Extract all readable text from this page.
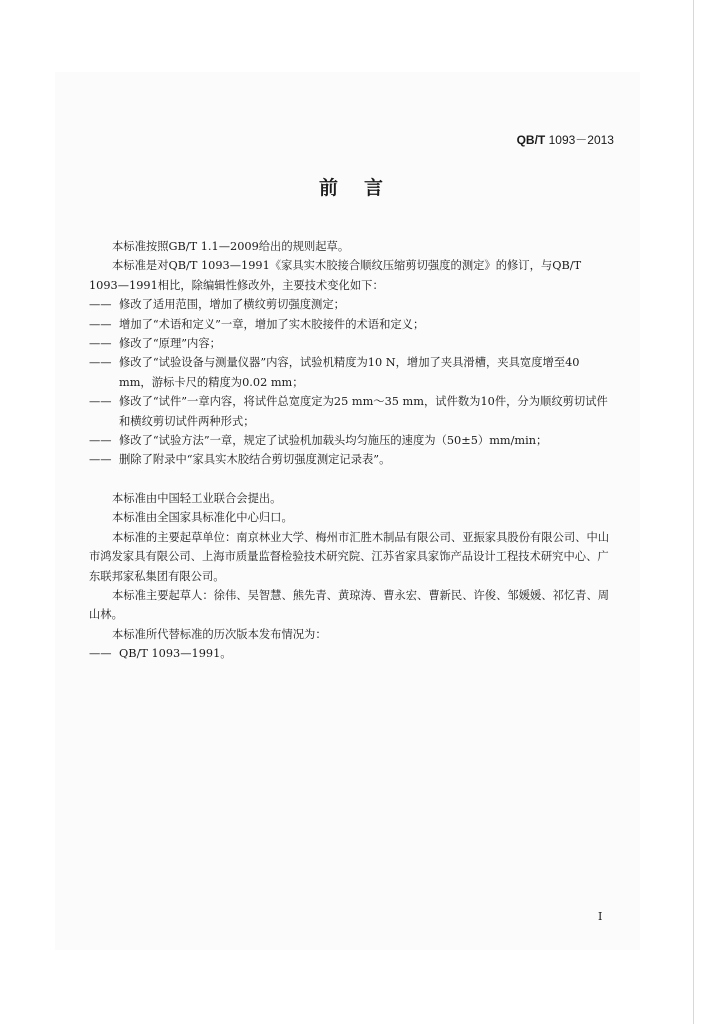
QB/T 1093－2013
前言

本标准按照GB/T 1.1—2009给出的规则起草。

本标准是对QB/T 1093—1991《家具实木胶接合顺纹压缩剪切强度的测定》的修订，与QB/T 1093—1991相比，除编辑性修改外，主要技术变化如下：

—— 修改了适用范围，增加了横纹剪切强度测定；

—— 增加了“术语和定义”一章，增加了实木胶接件的术语和定义；

—— 修改了“原理”内容；

—— 修改了“试验设备与测量仪器”内容，试验机精度为10 N，增加了夹具滑槽，夹具宽度增至40 mm，游标卡尺的精度为0.02 mm；

—— 修改了“试件”一章内容，将试件总宽度定为25 mm～35 mm，试件数为10件，分为顺纹剪切试件和横纹剪切试件两种形式；

—— 修改了“试验方法”一章，规定了试验机加载头均匀施压的速度为（50±5）mm/min；

—— 删除了附录中“家具实木胶结合剪切强度测定记录表”。

本标准由中国轻工业联合会提出。

本标准由全国家具标准化中心归口。

本标准的主要起草单位：南京林业大学、梅州市汇胜木制品有限公司、亚振家具股份有限公司、中山市鸿发家具有限公司、上海市质量监督检验技术研究院、江苏省家具家饰产品设计工程技术研究中心、广东联邦家私集团有限公司。

本标准主要起草人：徐伟、吴智慧、熊先青、黄琼涛、曹永宏、曹新民、许俊、邹媛媛、祁忆青、周山林。

本标准所代替标准的历次版本发布情况为：

—— QB/T 1093—1991。

I
